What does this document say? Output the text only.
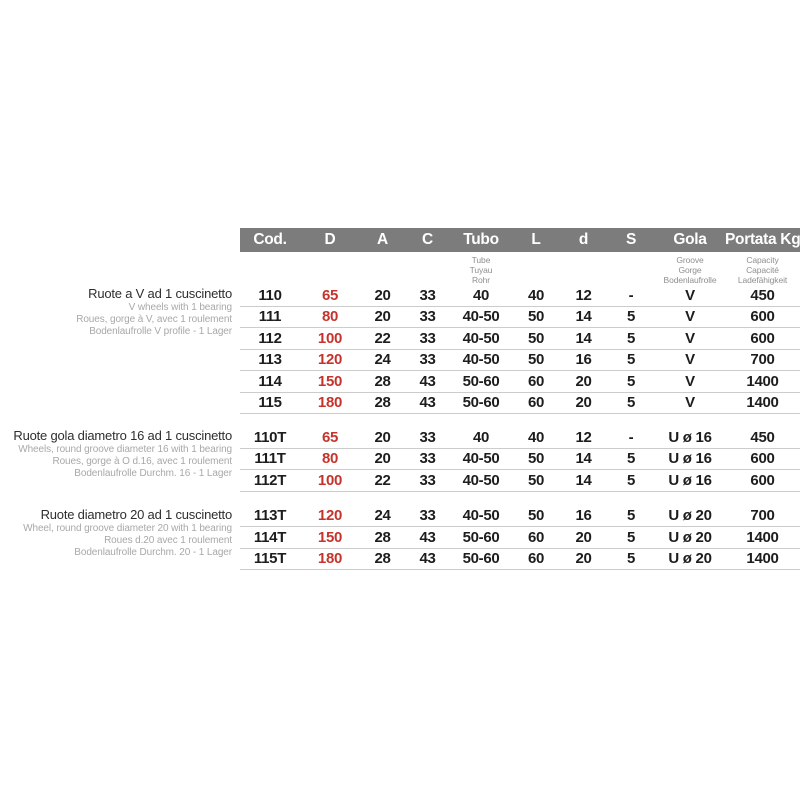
Cod.	D	A	C	Tubo	L	d	S	Gola	Portata Kg
Tube
Tuyau
Rohr
Groove
Gorge
Bodenlaufrolle
Capacity
Capacité
Ladefähigkeit
Ruote a V ad 1 cuscinetto
V wheels with 1 bearing
Roues, gorge à V, avec 1 roulement
Bodenlaufrolle V profile - 1 Lager
110	65	20	33	40	40	12	-	V	450
111	80	20	33	40-50	50	14	5	V	600
112	100	22	33	40-50	50	14	5	V	600
113	120	24	33	40-50	50	16	5	V	700
114	150	28	43	50-60	60	20	5	V	1400
115	180	28	43	50-60	60	20	5	V	1400
Ruote gola diametro 16 ad 1 cuscinetto
Wheels, round groove diameter 16 with 1 bearing
Roues, gorge à O d.16, avec 1 roulement
Bodenlaufrolle Durchm. 16 - 1 Lager
110T	65	20	33	40	40	12	-	U ø 16	450
111T	80	20	33	40-50	50	14	5	U ø 16	600
112T	100	22	33	40-50	50	14	5	U ø 16	600
Ruote diametro 20 ad 1 cuscinetto
Wheel, round groove diameter 20 with 1 bearing
Roues d.20 avec 1 roulement
Bodenlaufrolle Durchm. 20 - 1 Lager
113T	120	24	33	40-50	50	16	5	U ø 20	700
114T	150	28	43	50-60	60	20	5	U ø 20	1400
115T	180	28	43	50-60	60	20	5	U ø 20	1400
